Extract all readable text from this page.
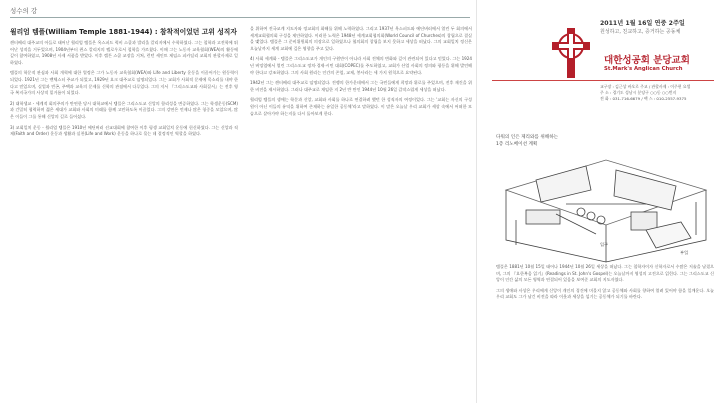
성수의 강
윌리엄 템플(William Temple 1881-1944) : 참착적이었던 고위 성직자

캔터베리 대주교의 아들로 태어난 윌리엄 템플은 옥스퍼드 럭비 스쿨과 발리올 칼리지에서 수학하였다. 그는 철학과 고전학에 뛰어난 성적을 거두었으며, 1904년부터 퀸스 칼리지의 펠로우로서 철학을 가르쳤다. 이때 그는 노동자 교육협회(WEA)의 활동에 깊이 참여하였고, 1908년 사제 서품을 받았다. 이후 렙튼 스쿨 교장을 거쳐, 런던 세인트 제임스 피카딜리 교회의 관할사제로 일하였다.

템플의 학문적 관심과 사회 개혁에 대한 열정은 그가 노동자 교육협회(WEA)와 Life and Liberty 운동을 이끌어가는 원동력이 되었다. 1921년 그는 맨체스터 주교가 되었고, 1929년 요크 대주교로 임명되었다. 그는 교회가 사회적 문제에 목소리를 내야 한다고 믿었으며, 실업과 빈곤, 주택과 교육의 문제를 신학의 관점에서 다루었다. 그의 저서 『그리스도교와 사회질서』는 전후 영국 복지국가의 사상적 밑거름이 되었다.

2) 대학생교 - 세계적 회의주의가 만연한 당시 대학교에서 템플은 그리스도교 신앙의 합리성을 변증하였다. 그는 학생운동(SCM)과 긴밀히 협력하며 젊은 세대가 교회와 사회의 미래를 함께 고민하도록 이끌었다. 그의 강연은 언제나 많은 청중을 모았으며, 많은 이들이 그를 통해 신앙의 길로 들어섰다.

3) 교회일치 운동 - 윌리엄 템플은 1910년 에딘버러 선교대회에 참여한 이후 평생 교회일치 운동에 헌신하였다. 그는 신앙과 직제(Faith and Order) 운동과 생활과 실천(Life and Work) 운동을 하나로 묶는 데 결정적인 역할을 하였다.

을 위하여 전국교계 지도자와 정교회의 화해를 위해 노력하였다. 그리고 1937년 옥스퍼드와 에딘버러에서 열린 두 회의에서 세계교회협의회 구성을 제안하였다. 이러한 노력은 1948년 세계교회협의회(World Council of Churches)의 창립으로 결실을 맺었다. 템플은 그 준비위원회의 의장으로 일하였으나 협의회의 창립을 보지 못하고 세상을 떠났다. 그의 교회일치 정신은 오늘날까지 세계 교회에 깊은 영향을 주고 있다.

4) 사회 세계화 - 템플은 그리스도교가 개인의 구원만이 아니라 사회 전체의 변화와 깊이 관련되어 있다고 믿었다. 그는 1924년 버밍엄에서 열린 그리스도교 정치·경제·시민 대회(COPEC)를 주도하였고, 교회가 산업 사회의 정의와 평등을 위해 발언해야 한다고 강조하였다. 그의 사회 원리는 인간의 존엄, 교제, 봉사라는 세 가지 원칙으로 요약된다.

1942년 그는 캔터베리 대주교로 임명되었다. 전쟁의 한가운데에서 그는 국민들에게 희망과 위로를 주었으며, 전후 재건을 위한 비전을 제시하였다. 그러나 대주교로 재임한 지 2년 반 만인 1944년 10월 26일 갑작스럽게 세상을 떠났다.

윌리엄 템플의 생애는 학문과 신앙, 교회와 사회를 하나로 연결하려 했던 한 성직자의 여정이었다. 그는 '교회는 자신의 구성원이 아닌 이들의 유익을 위하여 존재하는 유일한 공동체'라고 말하였다. 이 말은 오늘날 우리 교회가 세상 속에서 어떠한 모습으로 살아가야 하는지를 다시 돌아보게 한다.

2011년 1월 16일 연중 2주일
원성하고, 친교하고, 증거하는 공동체
대한성공회 분당교회
St.Mark's Anglican Church
교구장 : 김근상 바오로 주교 / 관할사제 : 이주현 요셉
주 소 : 경기도 성남시 분당구 ○○동 ○○번지
전 화 : 031-716-6679 / 팩 스 : 010-2557-9375
다워의 인은 제리와를 위해하는
1층 리노베이션 계획
부엌
입구

템플은 1881년 10월 15일 태어나 1944년 10월 26일 세상을 떠났다. 그는 철학자이자 신학자로서 수많은 저술을 남겼으며, 그의 『요한복음 읽기』(Readings in St. John's Gospel)는 오늘날까지 영성의 고전으로 읽힌다. 그는 그리스도교 신앙이 인간 삶의 모든 영역과 연결되어 있음을 보여준 교회의 지도자였다.

그의 생애와 사상은 우리에게 신앙이 개인의 경건에 머물지 않고 공동체와 사회를 향하여 열려 있어야 함을 일깨운다. 오늘 우리 교회도 그가 남긴 비전을 따라 이웃과 세상을 섬기는 공동체가 되기를 바란다.
